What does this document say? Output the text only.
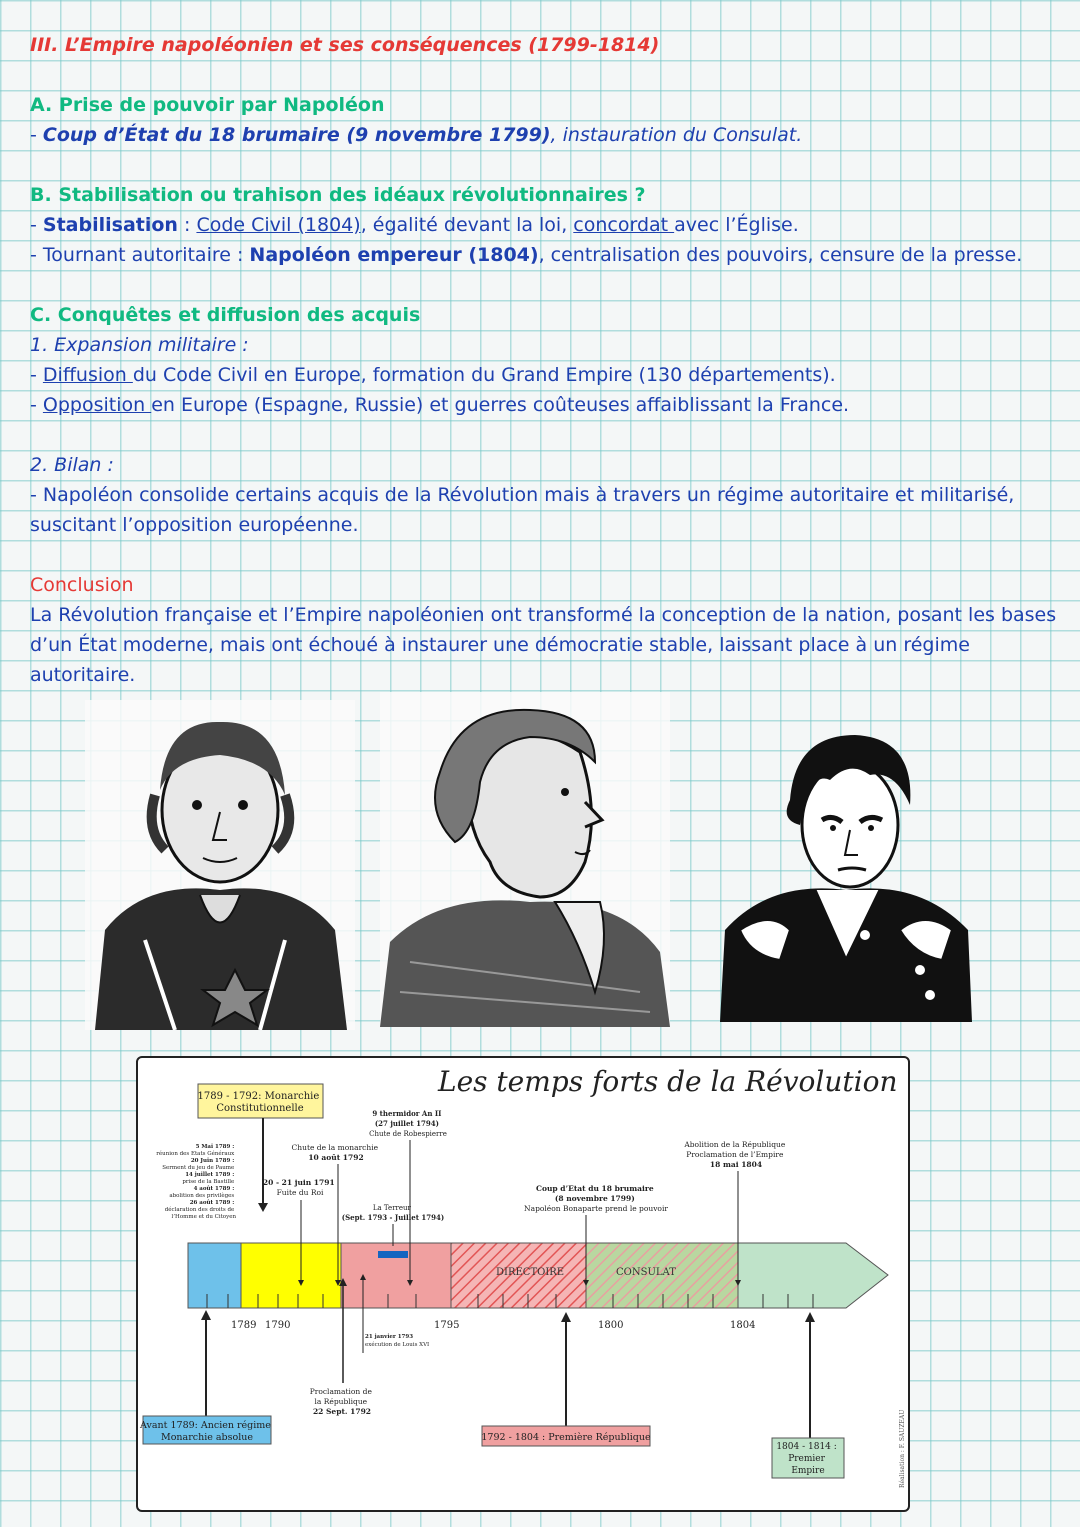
III. L’Empire napoléonien et ses conséquences (1799-1814)
A. Prise de pouvoir par Napoléon
- Coup d’État du 18 brumaire (9 novembre 1799), instauration du Consulat.
B. Stabilisation ou trahison des idéaux révolutionnaires ?
- Stabilisation : Code Civil (1804), égalité devant la loi, concordat avec l’Église.
- Tournant autoritaire : Napoléon empereur (1804), centralisation des pouvoirs, censure de la presse.
C. Conquêtes et diffusion des acquis
1. Expansion militaire :
- Diffusion du Code Civil en Europe, formation du Grand Empire (130 départements).
- Opposition en Europe (Espagne, Russie) et guerres coûteuses affaiblissant la France.
2. Bilan :
- Napoléon consolide certains acquis de la Révolution mais à travers un régime autoritaire et militarisé,
suscitant l’opposition européenne.
Conclusion
La Révolution française et l’Empire napoléonien ont transformé la conception de la nation, posant les bases
d’un État moderne, mais ont échoué à instaurer une démocratie stable, laissant place à un régime
autoritaire.
Les temps forts de la Révolution
DIRECTOIRE	CONSULAT
1789 1790	1795	1800	1804
1789 - 1792: Monarchie Constitutionnelle
5 Mai 1789 : réunion des Etats Généraux 20 Juin 1789 : Serment du jeu de Paume 14 juillet 1789 : prise de la Bastille 4 août 1789 : abolition des privilèges 26 août 1789 : déclaration des droits de l’Homme et du Citoyen
20 - 21 juin 1791 Fuite du Roi
Chute de la monarchie 10 août 1792
9 thermidor An II (27 juillet 1794) Chute de Robespierre
La Terreur (Sept. 1793 - Juillet 1794)
Coup d’Etat du 18 brumaire (8 novembre 1799) Napoléon Bonaparte prend le pouvoir
Abolition de la République Proclamation de l’Empire 18 mai 1804
21 janvier 1793 exécution de Louis XVI
Proclamation de la République 22 Sept. 1792
Avant 1789: Ancien régime Monarchie absolue	1792 - 1804 : Première République
1804 - 1814 : Premier Empire	Réalisation : F. SAUZEAU
